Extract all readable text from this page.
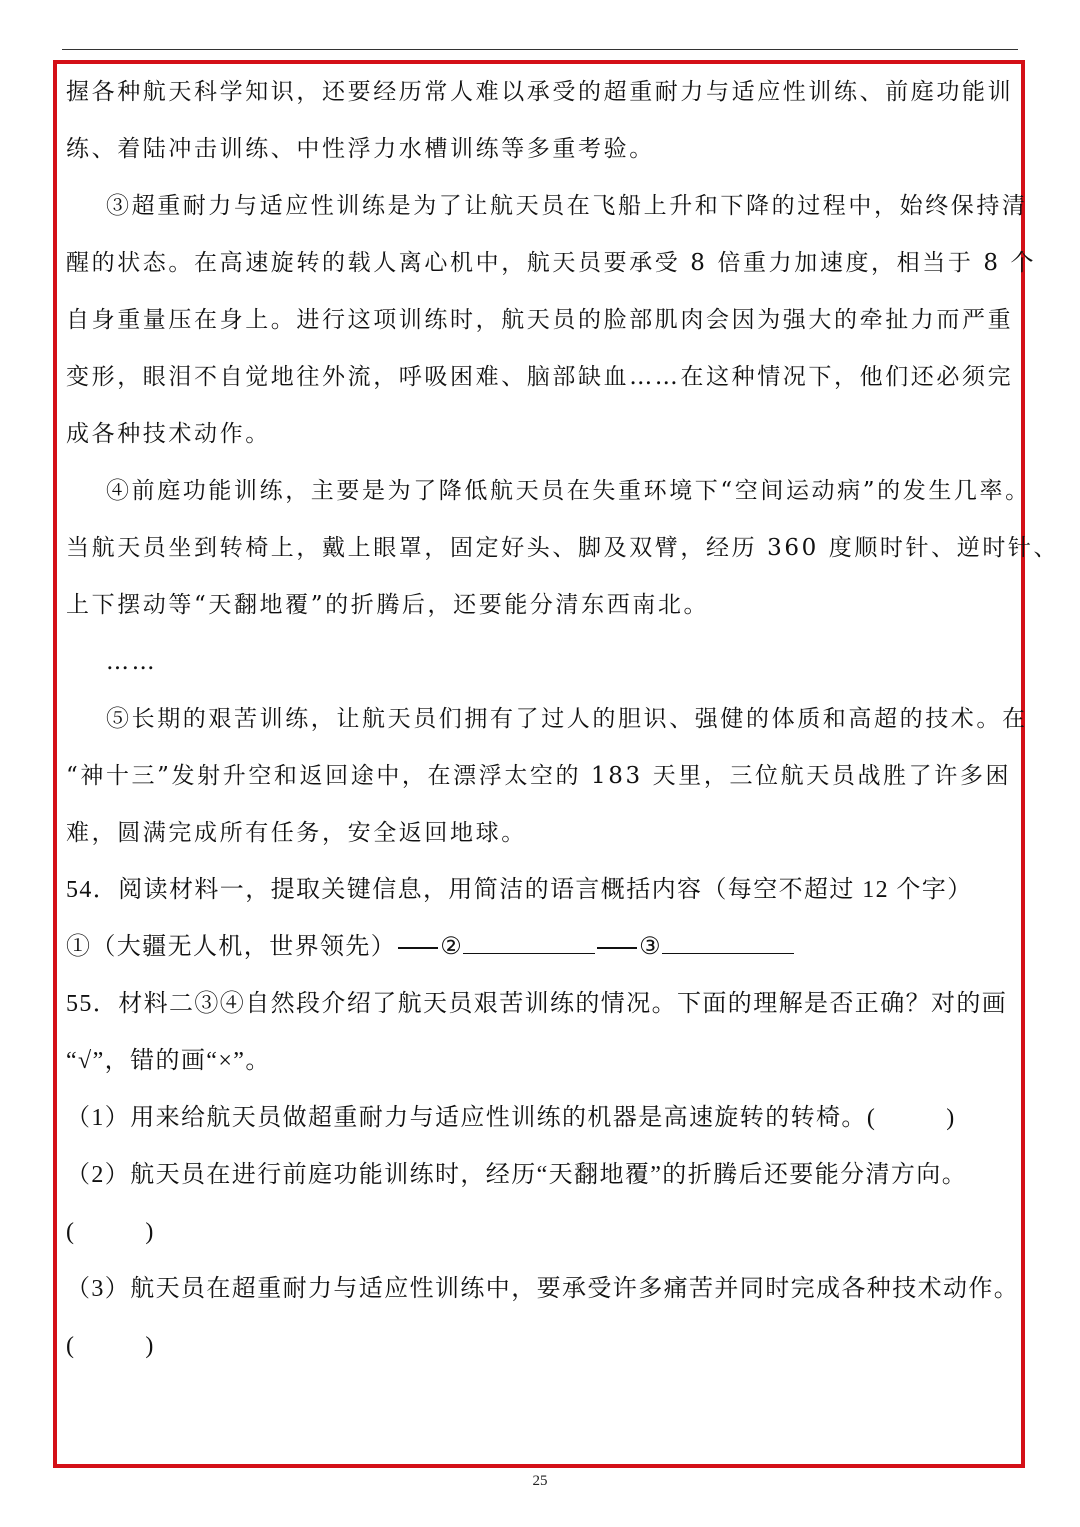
握各种航天科学知识，还要经历常人难以承受的超重耐力与适应性训练、前庭功能训

练、着陆冲击训练、中性浮力水槽训练等多重考验。

③超重耐力与适应性训练是为了让航天员在飞船上升和下降的过程中，始终保持清

醒的状态。在高速旋转的载人离心机中，航天员要承受 8 倍重力加速度，相当于 8 个

自身重量压在身上。进行这项训练时，航天员的脸部肌肉会因为强大的牵扯力而严重

变形，眼泪不自觉地往外流，呼吸困难、脑部缺血……在这种情况下，他们还必须完

成各种技术动作。

④前庭功能训练，主要是为了降低航天员在失重环境下“空间运动病”的发生几率。

当航天员坐到转椅上，戴上眼罩，固定好头、脚及双臂，经历 360 度顺时针、逆时针、

上下摆动等“天翻地覆”的折腾后，还要能分清东西南北。

……

⑤长期的艰苦训练，让航天员们拥有了过人的胆识、强健的体质和高超的技术。在

“神十三”发射升空和返回途中，在漂浮太空的 183 天里，三位航天员战胜了许多困

难，圆满完成所有任务，安全返回地球。

54．阅读材料一，提取关键信息，用简洁的语言概括内容（每空不超过 12 个字）

①（大疆无人机，世界领先） ②	③

55．材料二③④自然段介绍了航天员艰苦训练的情况。下面的理解是否正确？对的画

“√”，错的画“×”。

（1）用来给航天员做超重耐力与适应性训练的机器是高速旋转的转椅。(	)

（2）航天员在进行前庭功能训练时，经历“天翻地覆”的折腾后还要能分清方向。

(	)

（3）航天员在超重耐力与适应性训练中，要承受许多痛苦并同时完成各种技术动作。

(	)

25
